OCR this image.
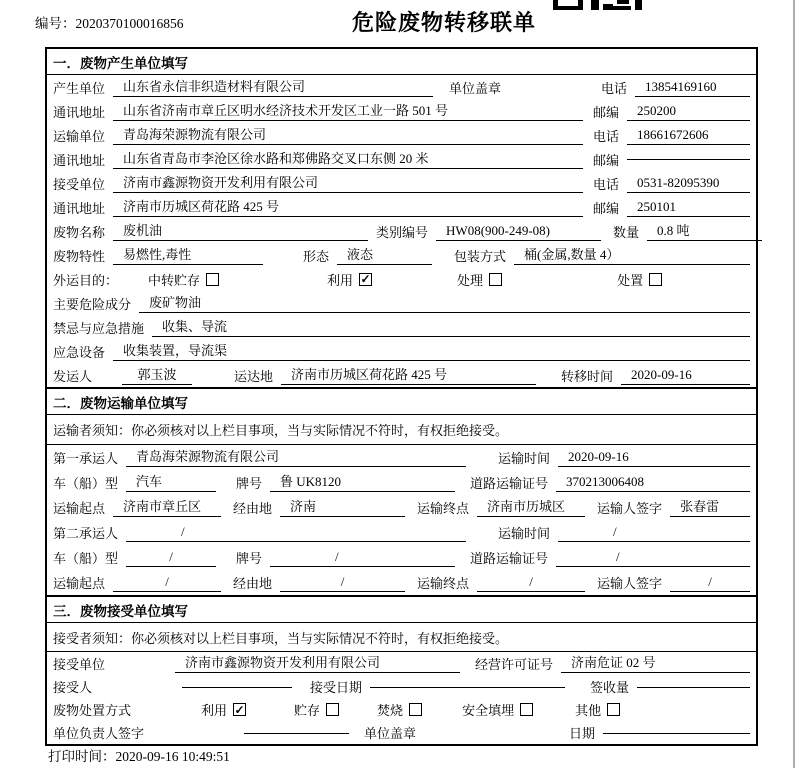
编号：2020370100016856	危险废物转移联单
一．废物产生单位填写
产生单位	山东省永信非织造材料有限公司	单位盖章	电话	13854169160
通讯地址	山东省济南市章丘区明水经济技术开发区工业一路 501 号	邮编	250200
运输单位	青岛海荣源物流有限公司	电话	18661672606
通讯地址	山东省青岛市李沧区徐水路和郑佛路交叉口东侧 20 米	邮编
接受单位	济南市鑫源物资开发利用有限公司	电话	0531-82095390
通讯地址	济南市历城区荷花路 425 号	邮编	250101
废物名称	废机油	类别编号	HW08(900-249-08)	数量	0.8 吨
废物特性	易燃性,毒性	形态	液态	包装方式	桶(金属,数量 4）
外运目的： 中转贮存	利用 ✓	处理	处置
主要危险成分	废矿物油
禁忌与应急措施	收集、导流
应急设备	收集装置，导流渠
发运人	郭玉波	运达地	济南市历城区荷花路 425 号	转移时间	2020-09-16
二．废物运输单位填写
运输者须知：你必须核对以上栏目事项，当与实际情况不符时，有权拒绝接受。
第一承运人	青岛海荣源物流有限公司	运输时间	2020-09-16
车（船）型	汽车	牌号	鲁 UK8120	道路运输证号	370213006408
运输起点	济南市章丘区	经由地	济南	运输终点	济南市历城区	运输人签字	张春雷
第二承运人	/	运输时间	/
车（船）型	/	牌号	/	道路运输证号	/
运输起点	/	经由地	/	运输终点	/	运输人签字	/
三．废物接受单位填写
接受者须知：你必须核对以上栏目事项，当与实际情况不符时，有权拒绝接受。
接受单位	济南市鑫源物资开发利用有限公司	经营许可证号	济南危证 02 号
接受人	接受日期	签收量
废物处置方式	利用 ✓	贮存	焚烧	安全填埋	其他
单位负责人签字	单位盖章	日期
打印时间：2020-09-16 10:49:51
